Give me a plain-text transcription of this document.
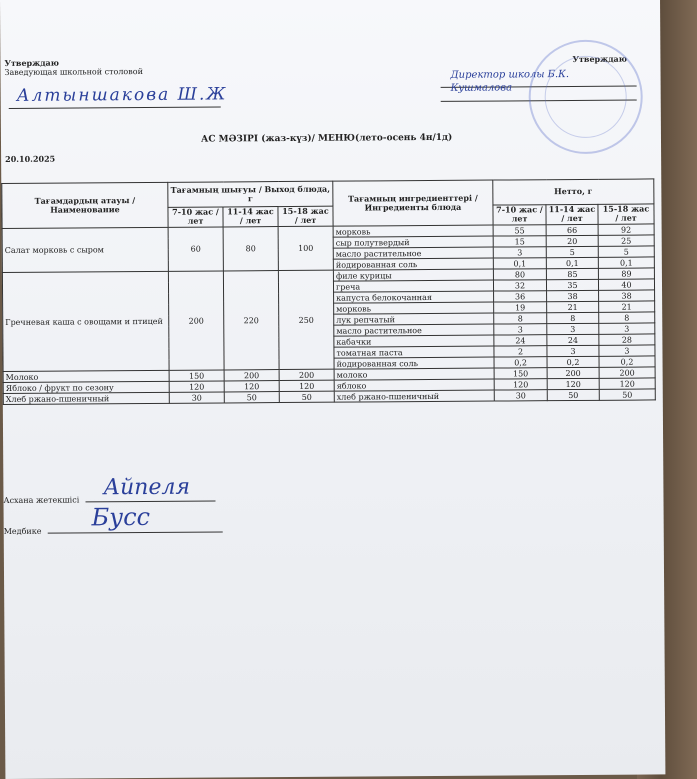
Утверждаю
Заведующая школьной столовой
Алтыншакова Ш.Ж
Утверждаю
Директор школы Б.К. Кушмалова
АС МӘЗІРІ (жаз-күз)/ МЕНЮ(лето-осень 4н/1д)
20.10.2025
Тағамдардың атауы / Наименование	Тағамның шығуы / Выход блюда, г			Тағамның ингредиенттері / Ингредиенты блюда	Нетто, г		
	7-10 жас / лет	11-14 жас / лет	15-18 жас / лет		7-10 жас / лет	11-14 жас / лет	15-18 жас / лет
Салат морковь с сыром	60	80	100	морковь	55	66	92
				сыр полутвердый	15	20	25
				масло растительное	3	5	5
				йодированная соль	0,1	0,1	0,1
Гречневая каша с овощами и птицей	200	220	250	филе курицы	80	85	89
				греча	32	35	40
				капуста белокочанная	36	38	38
				морковь	19	21	21
				лук репчатый	8	8	8
				масло растительное	3	3	3
				кабачки	24	24	28
				томатная паста	2	3	3
				йодированная соль	0,2	0,2	0,2
Молоко	150	200	200	молоко	150	200	200
Яблоко / фрукт по сезону	120	120	120	яблоко	120	120	120
Хлеб ржано-пшеничный	30	50	50	хлеб ржано-пшеничный	30	50	50
Асхана жетекшісі	Айпеля
Медбике	Бусс
